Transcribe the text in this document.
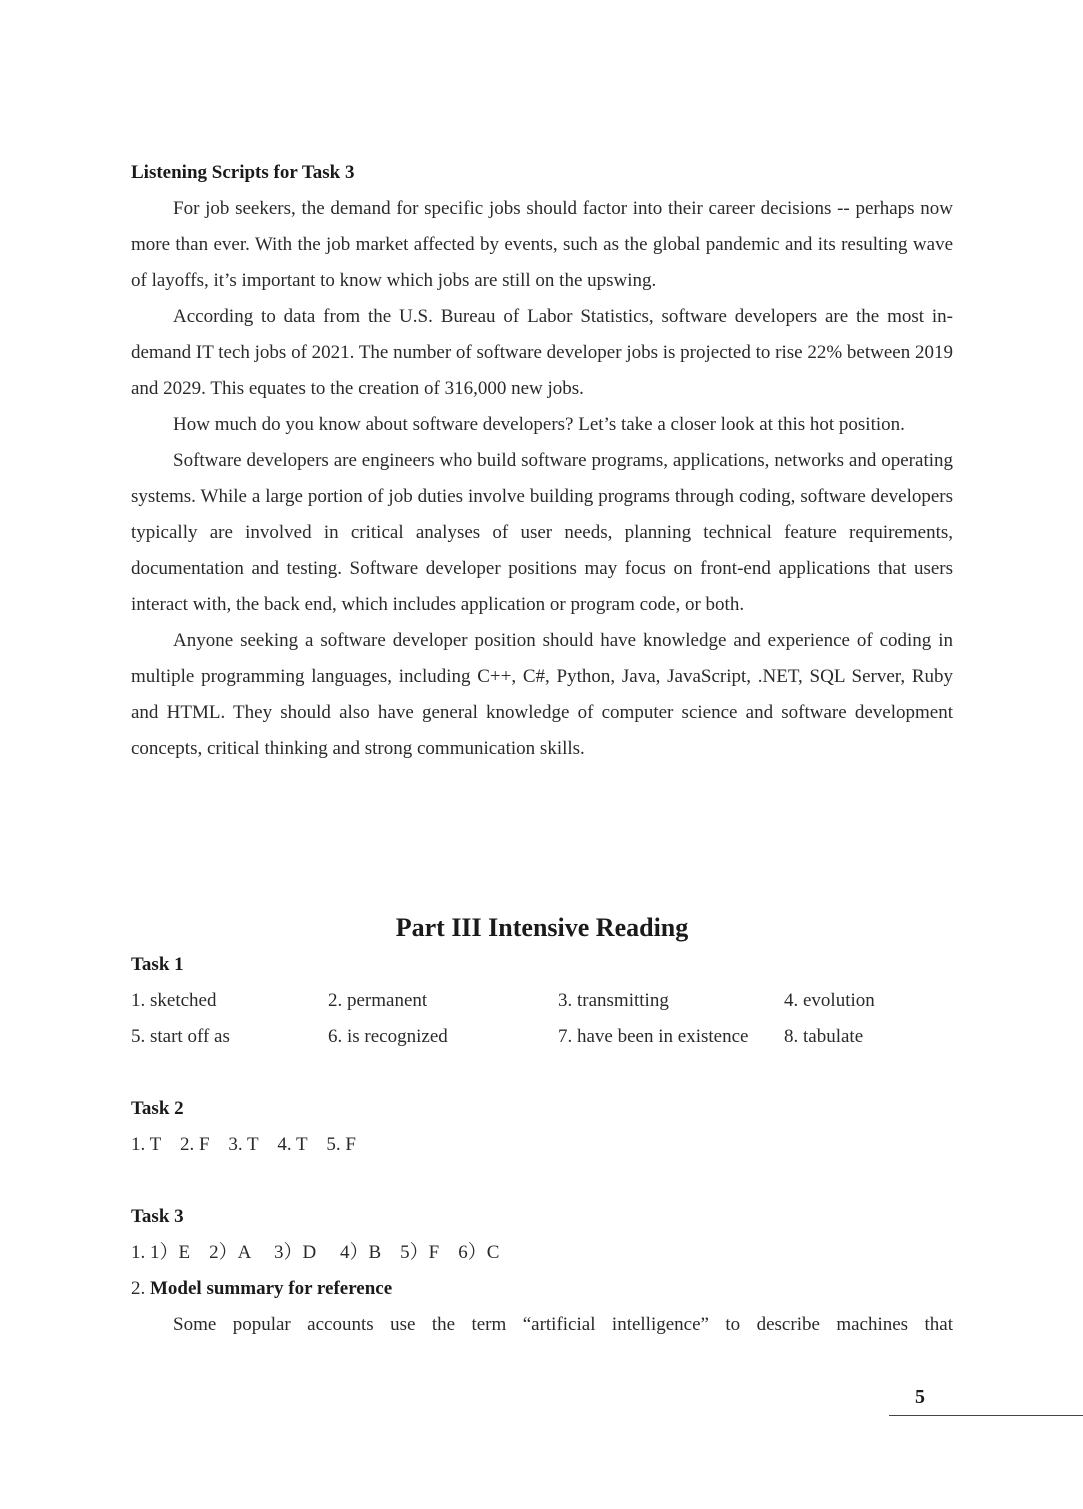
Listening Scripts for Task 3

For job seekers, the demand for specific jobs should factor into their career decisions -- perhaps now more than ever. With the job market affected by events, such as the global pandemic and its resulting wave of layoffs, it’s important to know which jobs are still on the upswing.

According to data from the U.S. Bureau of Labor Statistics, software developers are the most in-demand IT tech jobs of 2021. The number of software developer jobs is projected to rise 22% between 2019 and 2029. This equates to the creation of 316,000 new jobs.

How much do you know about software developers? Let’s take a closer look at this hot position.

Software developers are engineers who build software programs, applications, networks and operating systems. While a large portion of job duties involve building programs through coding, software developers typically are involved in critical analyses of user needs, planning technical feature requirements, documentation and testing. Software developer positions may focus on front-end applications that users interact with, the back end, which includes application or program code, or both.

Anyone seeking a software developer position should have knowledge and experience of coding in multiple programming languages, including C++, C#, Python, Java, JavaScript, .NET, SQL Server, Ruby and HTML. They should also have general knowledge of computer science and software development concepts, critical thinking and strong communication skills.

Part III Intensive Reading
Task 1
1. sketched	2. permanent	3. transmitting	4. evolution
5. start off as	6. is recognized	7. have been in existence 8. tabulate
Task 2
1. T 2. F 3. T 4. T 5. F
Task 3
1. 1）E　2）A　 3）D　 4）B　5）F　6）C
2. Model summary for reference

Some popular accounts use the term “artificial intelligence” to describe machines that

5
